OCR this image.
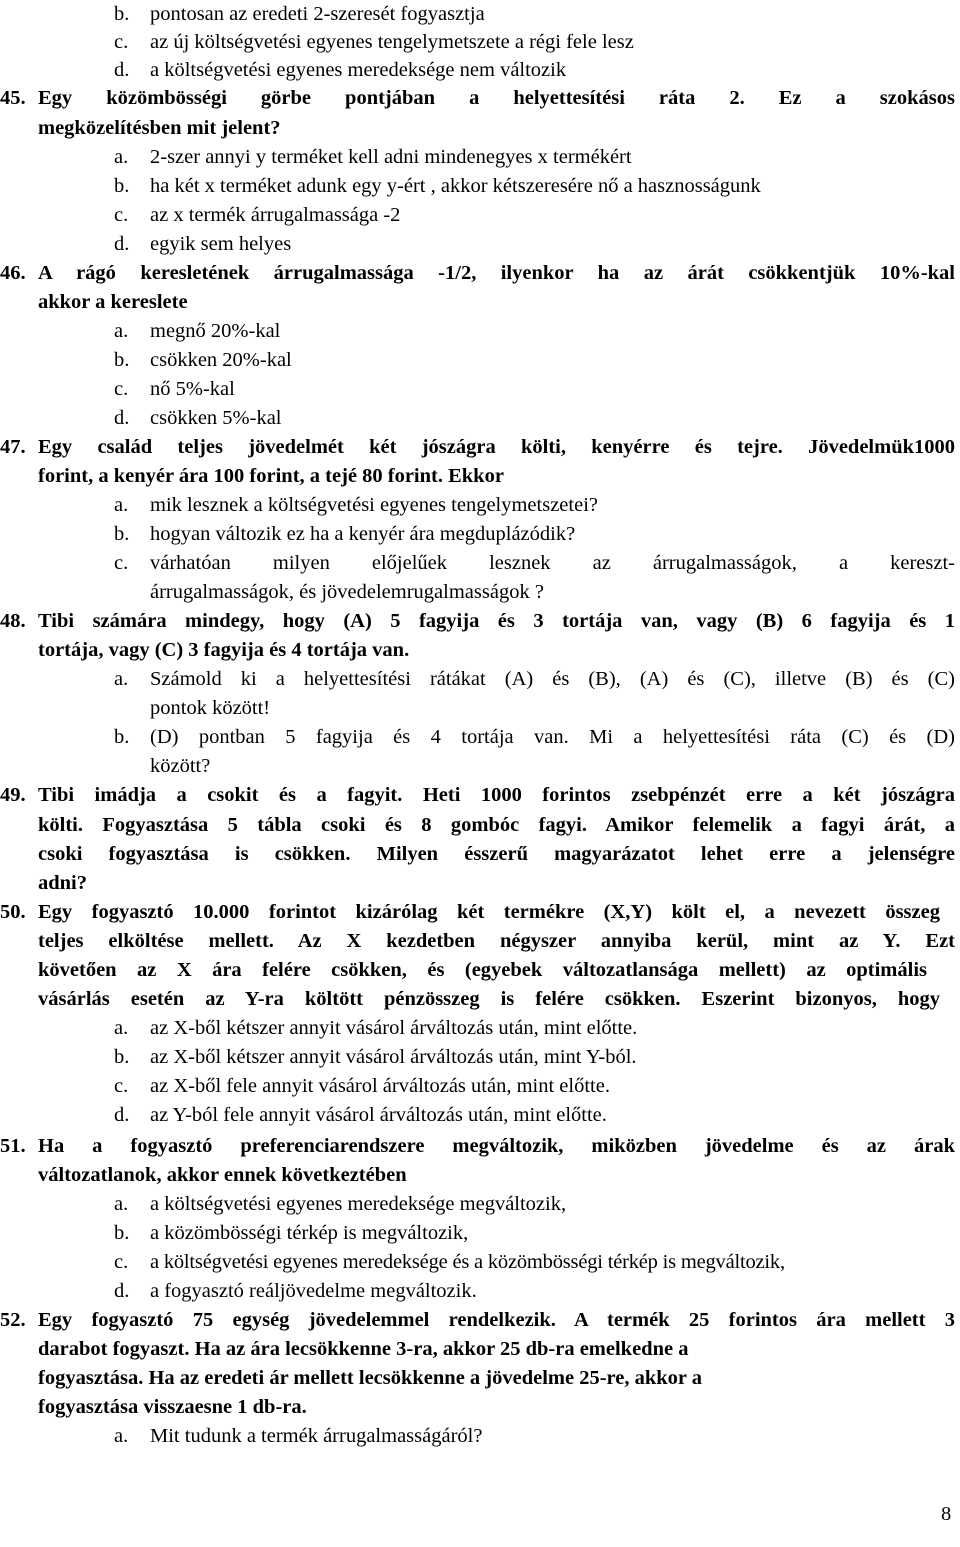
b. pontosan az eredeti 2-szeresét fogyasztja
c. az új költségvetési egyenes tengelymetszete a régi fele lesz
d. a költségvetési egyenes meredeksége nem változik
45. Egy közömbösségi görbe pontjában a helyettesítési ráta 2. Ez a szokásos
megközelítésben mit jelent?
a. 2-szer annyi y terméket kell adni mindenegyes x termékért
b. ha két x terméket adunk egy y-ért , akkor kétszeresére nő a hasznosságunk
c. az x termék árrugalmassága -2
d. egyik sem helyes
46. A rágó keresletének árrugalmassága -1/2, ilyenkor ha az árát csökkentjük 10%-kal
akkor a kereslete
a. megnő 20%-kal
b. csökken 20%-kal
c. nő 5%-kal
d. csökken 5%-kal
47. Egy család teljes jövedelmét két jószágra költi, kenyérre és tejre. Jövedelmük1000
forint, a kenyér ára 100 forint, a tejé 80 forint. Ekkor
a. mik lesznek a költségvetési egyenes tengelymetszetei?
b. hogyan változik ez ha a kenyér ára megduplázódik?
c. várhatóan milyen előjelűek lesznek az árrugalmasságok, a kereszt-
árrugalmasságok, és jövedelemrugalmasságok ?
48. Tibi számára mindegy, hogy (A) 5 fagyija és 3 tortája van, vagy (B) 6 fagyija és 1
tortája, vagy (C) 3 fagyija és 4 tortája van.
a. Számold ki a helyettesítési rátákat (A) és (B), (A) és (C), illetve (B) és (C)
pontok között!
b. (D) pontban 5 fagyija és 4 tortája van. Mi a helyettesítési ráta (C) és (D)
között?
49. Tibi imádja a csokit és a fagyit. Heti 1000 forintos zsebpénzét erre a két jószágra
költi. Fogyasztása 5 tábla csoki és 8 gombóc fagyi. Amikor felemelik a fagyi árát, a
csoki fogyasztása is csökken. Milyen ésszerű magyarázatot lehet erre a jelenségre
adni?
50. Egy fogyasztó 10.000 forintot kizárólag két termékre (X,Y) költ el, a nevezett összeg
teljes elköltése mellett. Az X kezdetben négyszer annyiba kerül, mint az Y. Ezt
követően az X ára felére csökken, és (egyebek változatlansága mellett) az optimális
vásárlás esetén az Y-ra költött pénzösszeg is felére csökken. Eszerint bizonyos, hogy
a. az X-ből kétszer annyit vásárol árváltozás után, mint előtte.
b. az X-ből kétszer annyit vásárol árváltozás után, mint Y-ból.
c. az X-ből fele annyit vásárol árváltozás után, mint előtte.
d. az Y-ból fele annyit vásárol árváltozás után, mint előtte.
51. Ha a fogyasztó preferenciarendszere megváltozik, miközben jövedelme és az árak
változatlanok, akkor ennek következtében
a. a költségvetési egyenes meredeksége megváltozik,
b. a közömbösségi térkép is megváltozik,
c. a költségvetési egyenes meredeksége és a közömbösségi térkép is megváltozik,
d. a fogyasztó reáljövedelme megváltozik.
52. Egy fogyasztó 75 egység jövedelemmel rendelkezik. A termék 25 forintos ára mellett 3
darabot fogyaszt. Ha az ára lecsökkenne 3-ra, akkor 25 db-ra emelkedne a
fogyasztása. Ha az eredeti ár mellett lecsökkenne a jövedelme 25-re, akkor a
fogyasztása visszaesne 1 db-ra.
a. Mit tudunk a termék árrugalmasságáról?
8
